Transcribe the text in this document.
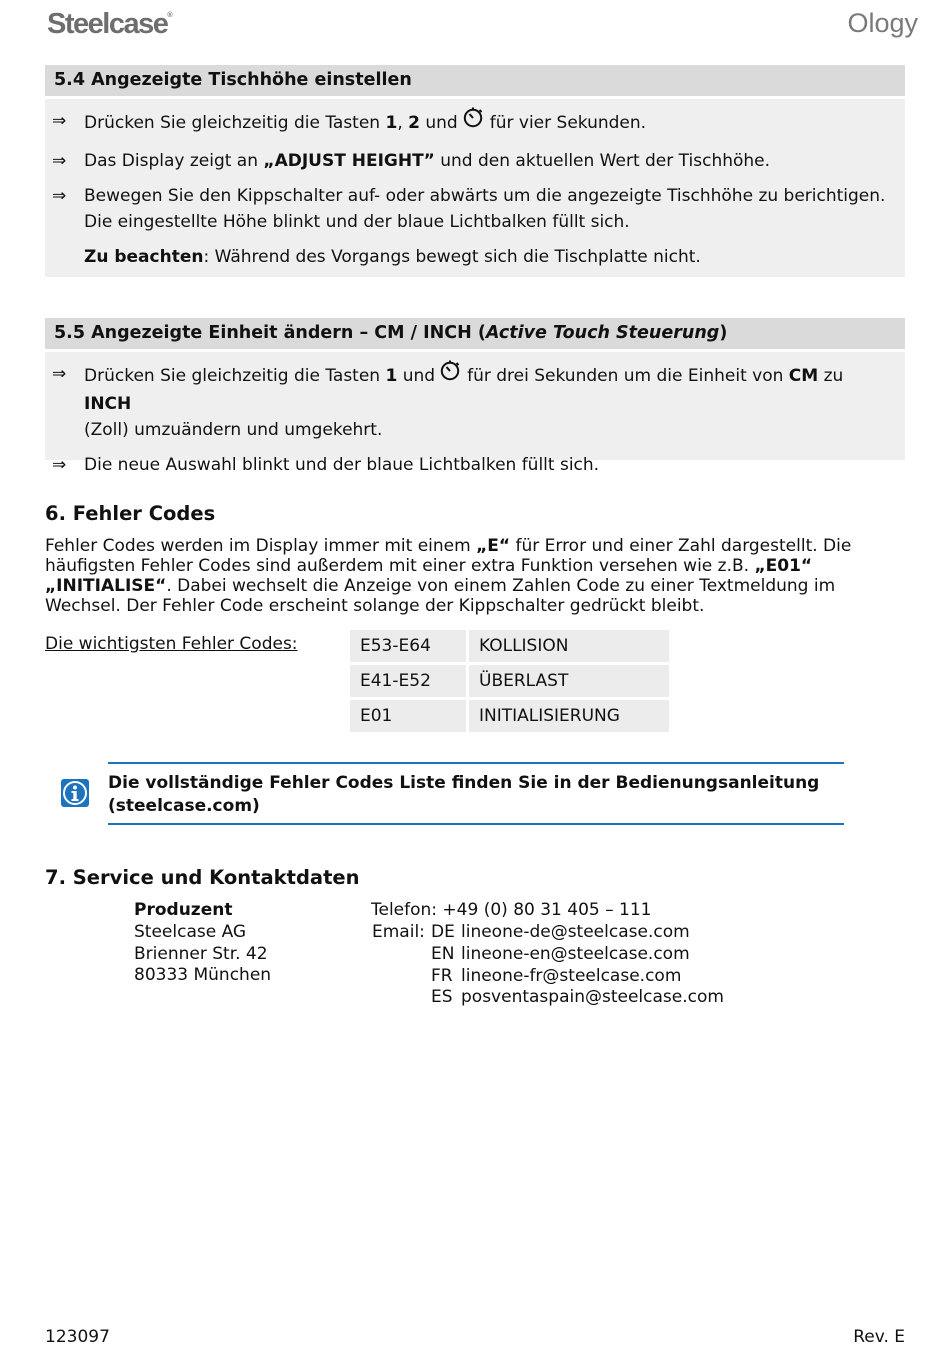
Steelcase®	Ology
5.4 Angezeigte Tischhöhe einstellen
⇒ Drücken Sie gleichzeitig die Tasten 1, 2 und für vier Sekunden.
⇒ Das Display zeigt an „ADJUST HEIGHT” und den aktuellen Wert der Tischhöhe.
⇒ Bewegen Sie den Kippschalter auf- oder abwärts um die angezeigte Tischhöhe zu berichtigen. Die eingestellte Höhe blinkt und der blaue Lichtbalken füllt sich.
Zu beachten: Während des Vorgangs bewegt sich die Tischplatte nicht.
5.5 Angezeigte Einheit ändern – CM / INCH (Active Touch Steuerung)
⇒ Drücken Sie gleichzeitig die Tasten 1 und für drei Sekunden um die Einheit von CM zu INCH
(Zoll) umzuändern und umgekehrt.
⇒ Die neue Auswahl blinkt und der blaue Lichtbalken füllt sich.
6. Fehler Codes
Fehler Codes werden im Display immer mit einem „E“ für Error und einer Zahl dargestellt. Die häufigsten Fehler Codes sind außerdem mit einer extra Funktion versehen wie z.B. „E01“ „INITIALISE“. Dabei wechselt die Anzeige von einem Zahlen Code zu einer Textmeldung im Wechsel. Der Fehler Code erscheint solange der Kippschalter gedrückt bleibt.
Die wichtigsten Fehler Codes:	E53-E64	KOLLISION
E41-E52	ÜBERLAST
E01	INITIALISIERUNG
Die vollständige Fehler Codes Liste finden Sie in der Bedienungsanleitung (steelcase.com)
7. Service und Kontaktdaten
Produzent
Steelcase AG
Brienner Str. 42
80333 München
Telefon: +49 (0) 80 31 405 – 111
Email: DE lineone-de@steelcase.com
EN lineone-en@steelcase.com
FR lineone-fr@steelcase.com
ES posventaspain@steelcase.com
123097	Rev. E
